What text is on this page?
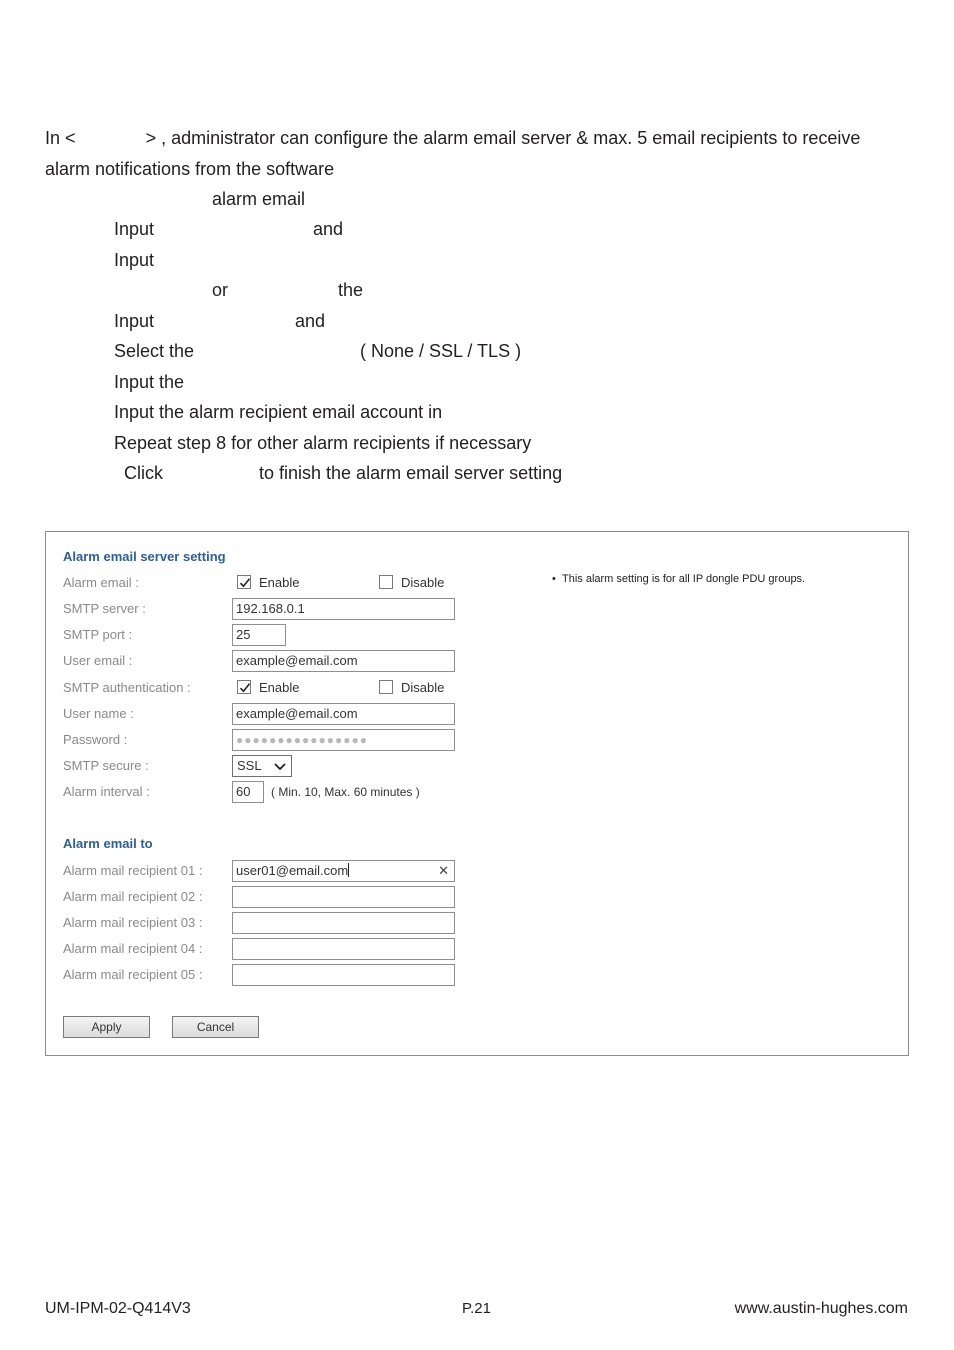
In <	> , administrator can configure the alarm email server & max. 5 email recipients to receive
alarm notifications from the software
alarm email
Input	and
Input
or	the
Input	and
Select the	( None / SSL / TLS )
Input the
Input the alarm recipient email account in
Repeat step 8 for other alarm recipients if necessary
Click	to finish the alarm email server setting
Alarm email server setting
• This alarm setting is for all IP dongle PDU groups.
Alarm email :	Enable	Disable
SMTP server :	192.168.0.1
SMTP port :	25
User email :	example@email.com
SMTP authentication :	Enable	Disable
User name :	example@email.com
Password :	●●●●●●●●●●●●●●●●
SMTP secure :	SSL
Alarm interval :	60	( Min. 10, Max. 60 minutes )
Alarm email to
Alarm mail recipient 01 :	user01@email.com	✕
Alarm mail recipient 02 :
Alarm mail recipient 03 :
Alarm mail recipient 04 :
Alarm mail recipient 05 :
Apply	Cancel
UM-IPM-02-Q414V3	P.21	www.austin-hughes.com
